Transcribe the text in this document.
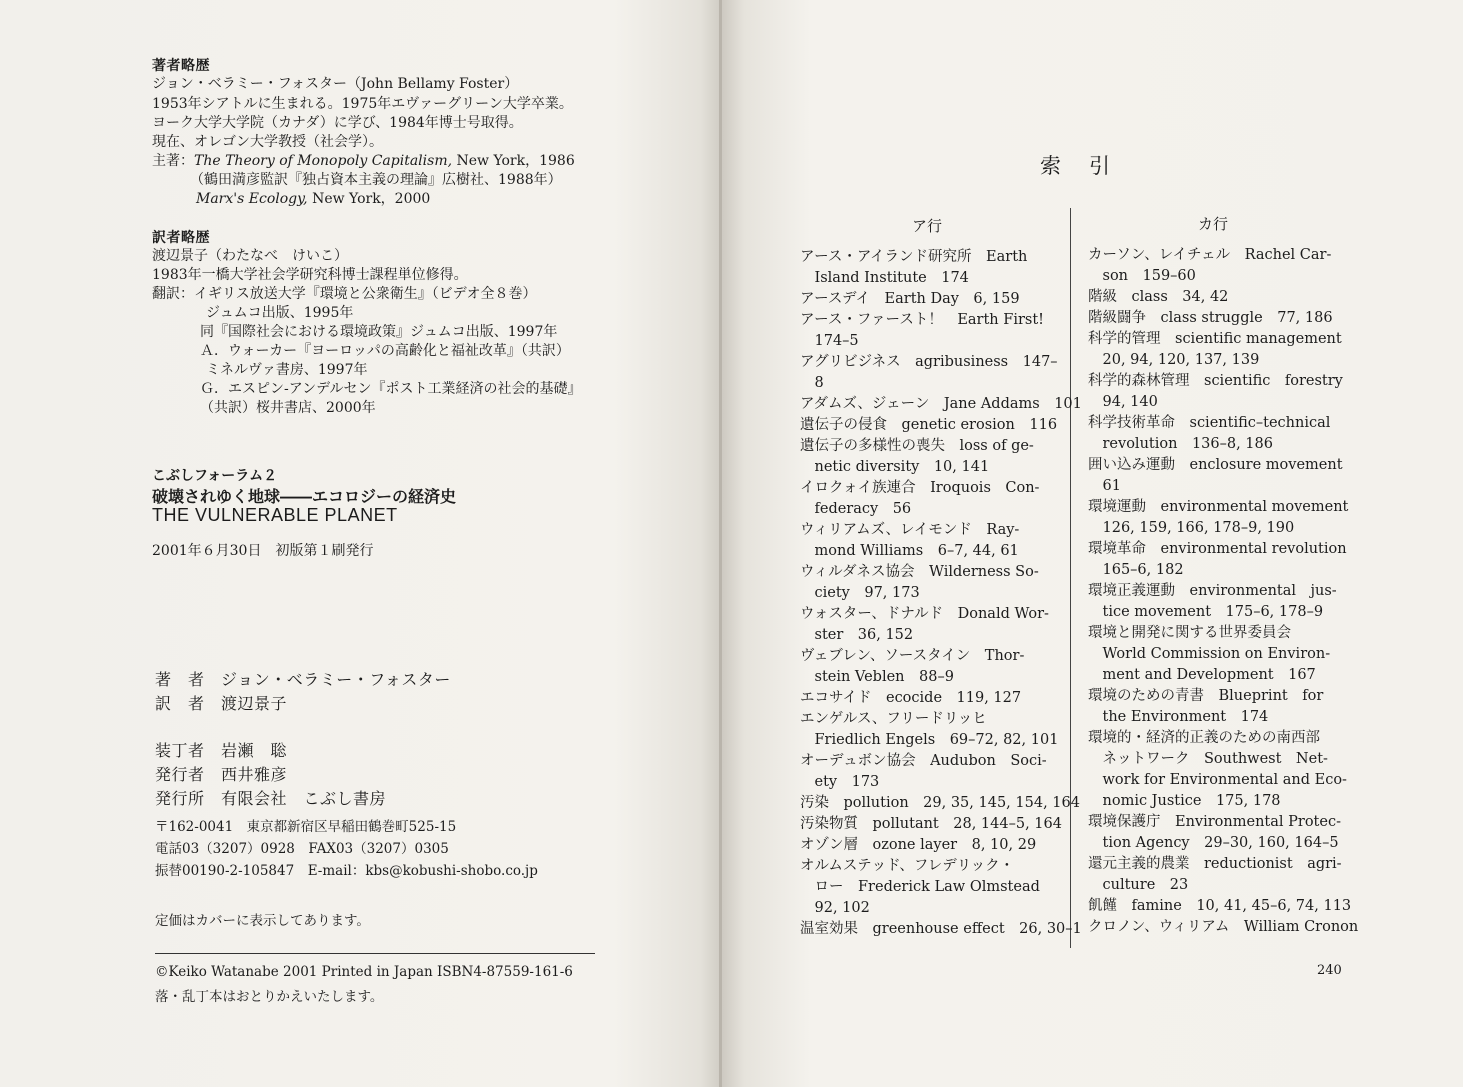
著者略歴
ジョン・ベラミー・フォスター（John Bellamy Foster）
1953年シアトルに生まれる。1975年エヴァーグリーン大学卒業。
ヨーク大学大学院（カナダ）に学び、1984年博士号取得。
現在、オレゴン大学教授（社会学）。
主著：The Theory of Monopoly Capitalism, New York，1986
（鶴田満彦監訳『独占資本主義の理論』広樹社、1988年）
Marx's Ecology, New York，2000
訳者略歴
渡辺景子（わたなべ　けいこ）
1983年一橋大学社会学研究科博士課程単位修得。
翻訳：イギリス放送大学『環境と公衆衛生』（ビデオ全８巻）
ジュムコ出版、1995年
同『国際社会における環境政策』ジュムコ出版、1997年
Ａ．ウォーカー『ヨーロッパの高齢化と福祉改革』（共訳）
ミネルヴァ書房、1997年
Ｇ．エスピン-アンデルセン『ポスト工業経済の社会的基礎』
（共訳）桜井書店、2000年
こぶしフォーラム２
破壊されゆく地球――エコロジーの経済史
THE VULNERABLE PLANET
2001年６月30日　初版第１刷発行
著　者　 ジョン・ベラミー・フォスター
訳　者　 渡辺景子
装丁者　 岩瀬　聡
発行者　 西井雅彦
発行所　 有限会社　こぶし書房
〒162-0041　東京都新宿区早稲田鶴巻町525-15
電話03（3207）0928　FAX03（3207）0305
振替00190-2-105847　E-mail：kbs@kobushi-shobo.co.jp
定価はカバーに表示してあります。
©Keiko Watanabe 2001 Printed in Japan ISBN4-87559-161-6
落・乱丁本はおとりかえいたします。
索引
ア行	カ行
アース・アイランド研究所　Earth
　Island Institute　174
アースデイ　Earth Day　6, 159
アース・ファースト！　Earth First!
　174–5
アグリビジネス　agribusiness　147–
　8
アダムズ、ジェーン　Jane Addams　101
遺伝子の侵食　genetic erosion　116
遺伝子の多様性の喪失　loss of ge-
　netic diversity　10, 141
イロクォイ族連合　Iroquois　Con-
　federacy　56
ウィリアムズ、レイモンド　Ray-
　mond Williams　6–7, 44, 61
ウィルダネス協会　Wilderness So-
　ciety　97, 173
ウォスター、ドナルド　Donald Wor-
　ster　36, 152
ヴェブレン、ソースタイン　Thor-
　stein Veblen　88–9
エコサイド　ecocide　119, 127
エンゲルス、フリードリッヒ
　Friedlich Engels　69–72, 82, 101
オーデュボン協会　Audubon　Soci-
　ety　173
汚染　pollution　29, 35, 145, 154, 164
汚染物質　pollutant　28, 144–5, 164
オゾン層　ozone layer　8, 10, 29
オルムステッド、フレデリック・
　ロー　Frederick Law Olmstead
　92, 102
温室効果　greenhouse effect　26, 30–1
カーソン、レイチェル　Rachel Car-
　son　159–60
階級　class　34, 42
階級闘争　class struggle　77, 186
科学的管理　scientific management
　20, 94, 120, 137, 139
科学的森林管理　scientific　forestry
　94, 140
科学技術革命　scientific–technical
　revolution　136–8, 186
囲い込み運動　enclosure movement
　61
環境運動　environmental movement
　126, 159, 166, 178–9, 190
環境革命　environmental revolution
　165–6, 182
環境正義運動　environmental　jus-
　tice movement　175–6, 178–9
環境と開発に関する世界委員会
　World Commission on Environ-
　ment and Development　167
環境のための青書　Blueprint　for
　the Environment　174
環境的・経済的正義のための南西部
　ネットワーク　Southwest　Net-
　work for Environmental and Eco-
　nomic Justice　175, 178
環境保護庁　Environmental Protec-
　tion Agency　29–30, 160, 164–5
還元主義的農業　reductionist　agri-
　culture　23
飢饉　famine　10, 41, 45–6, 74, 113
クロノン、ウィリアム　William Cronon
240
